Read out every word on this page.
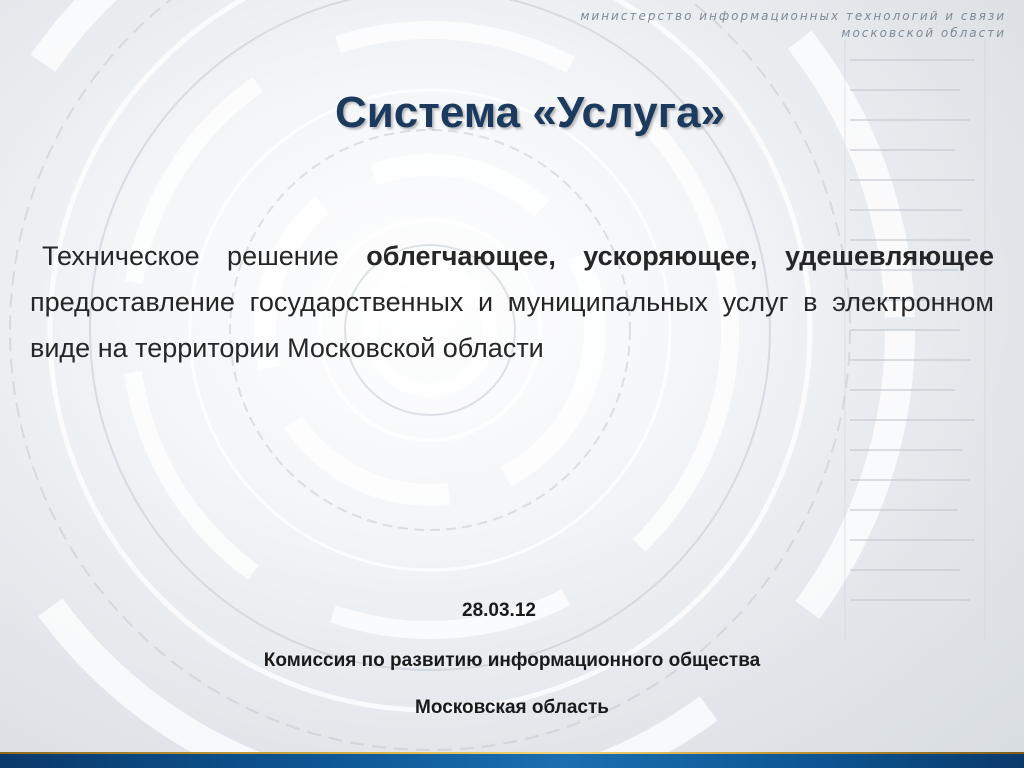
министерство информационных технологий и связи
московской области
Система «Услуга»

Техническое решение облегчающее, ускоряющее, удешевляющее предоставление государственных и муниципальных услуг в электронном виде на территории Московской области

28.03.12
Комиссия по развитию информационного общества
Московская область
